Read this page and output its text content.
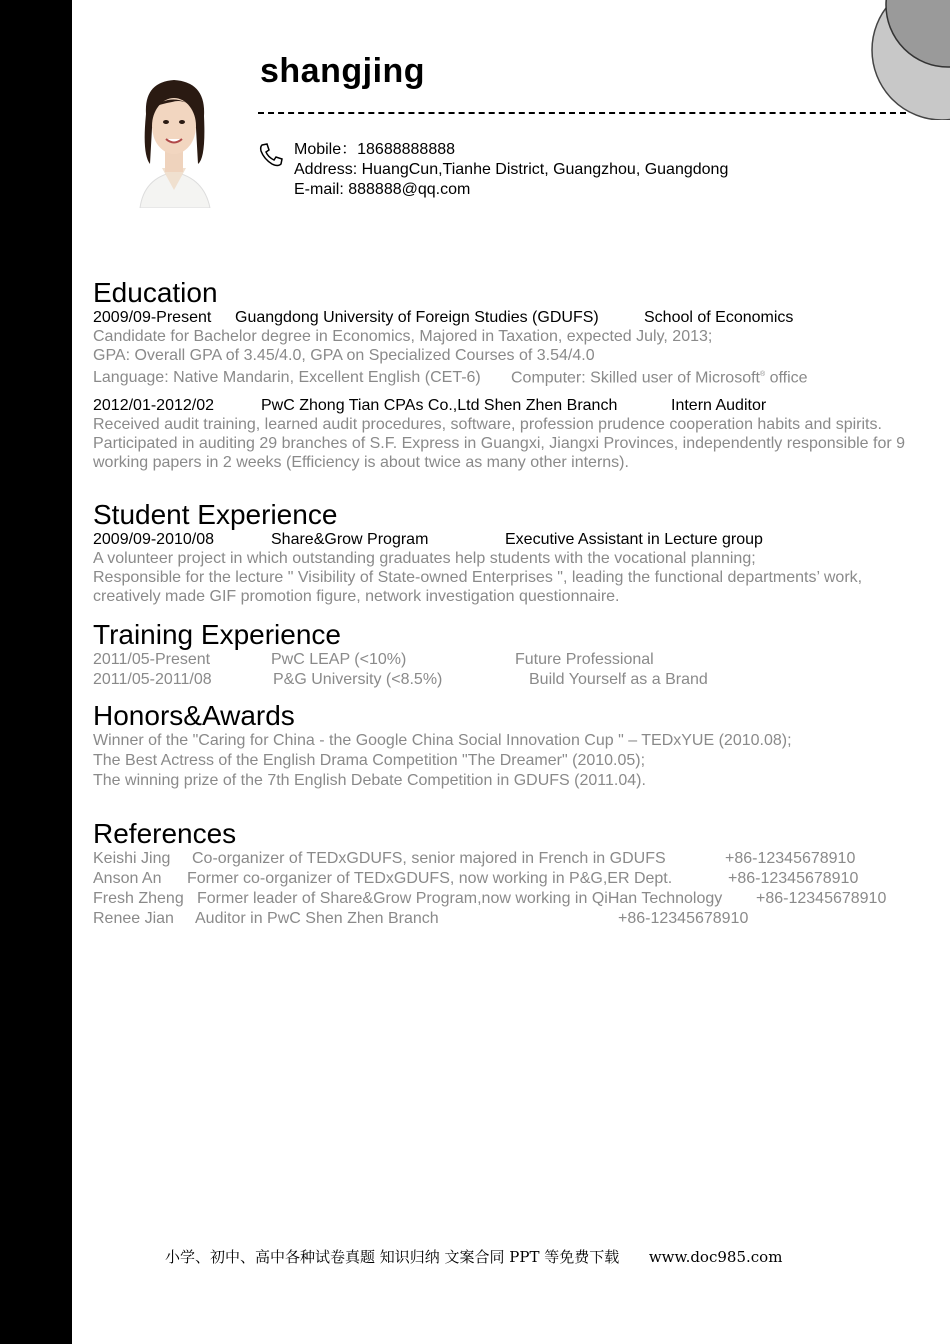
shangjing
Mobile：18688888888
Address: HuangCun,Tianhe District, Guangzhou, Guangdong
E-mail: 888888@qq.com
Education
2009/09-Present Guangdong University of Foreign Studies (GDUFS)	School of Economics
Candidate for Bachelor degree in Economics, Majored in Taxation, expected July, 2013;
GPA: Overall GPA of 3.45/4.0, GPA on Specialized Courses of 3.54/4.0
Language: Native Mandarin, Excellent English (CET-6) Computer: Skilled user of Microsoft® office
2012/01-2012/02	PwC Zhong Tian CPAs Co.,Ltd Shen Zhen Branch	Intern Auditor
Received audit training, learned audit procedures, software, profession prudence cooperation habits and spirits.
Participated in auditing 29 branches of S.F. Express in Guangxi, Jiangxi Provinces, independently responsible for 9 working papers in 2 weeks (Efficiency is about twice as many other interns).
Student Experience
2009/09-2010/08	Share&Grow Program	Executive Assistant in Lecture group
A volunteer project in which outstanding graduates help students with the vocational planning;
Responsible for the lecture " Visibility of State-owned Enterprises ", leading the functional departments’ work, creatively made GIF promotion figure, network investigation questionnaire.
Training Experience
2011/05-Present	PwC LEAP (<10%)	Future Professional
2011/05-2011/08	P&G University (<8.5%)	Build Yourself as a Brand
Honors&Awards
Winner of the "Caring for China - the Google China Social Innovation Cup " – TEDxYUE (2010.08);
The Best Actress of the English Drama Competition "The Dreamer" (2010.05);
The winning prize of the 7th English Debate Competition in GDUFS (2011.04).
References
Keishi Jing Co-organizer of TEDxGDUFS, senior majored in French in GDUFS	+86-12345678910
Anson An Former co-organizer of TEDxGDUFS, now working in P&G,ER Dept.	+86-12345678910
Fresh Zheng Former leader of Share&Grow Program,now working in QiHan Technology +86-12345678910
Renee Jian Auditor in PwC Shen Zhen Branch	+86-12345678910
小学、初中、高中各种试卷真题 知识归纳 文案合同 PPT 等免费下载 www.doc985.com
